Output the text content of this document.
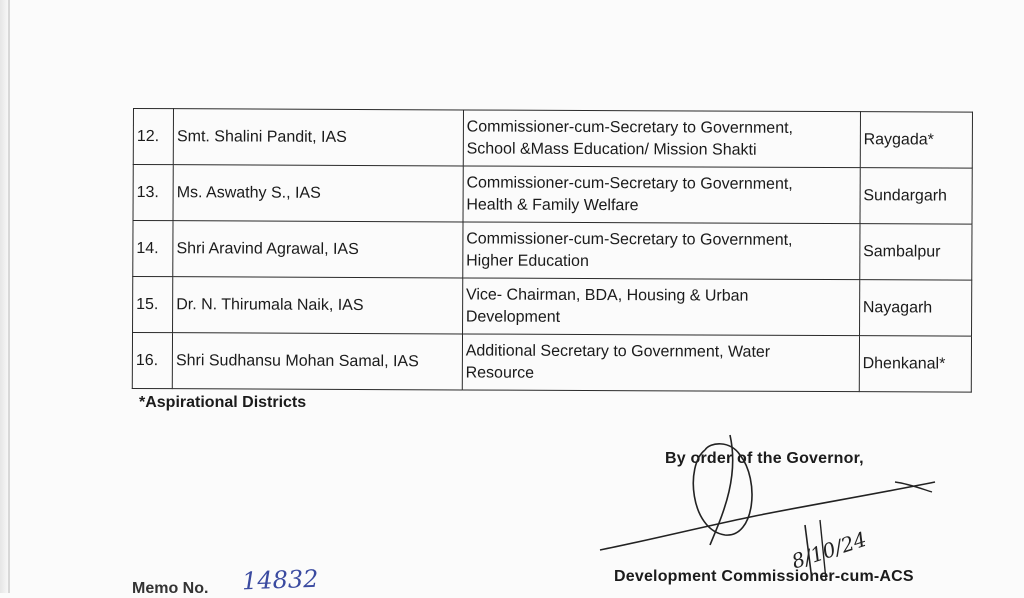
12.	Smt. Shalini Pandit, IAS	Commissioner-cum-Secretary to Government,
School &Mass Education/ Mission Shakti	Raygada*
13.	Ms. Aswathy S., IAS	Commissioner-cum-Secretary to Government,
Health & Family Welfare	Sundargarh
14.	Shri Aravind Agrawal, IAS	Commissioner-cum-Secretary to Government,
Higher Education	Sambalpur
15.	Dr. N. Thirumala Naik, IAS	Vice- Chairman, BDA, Housing & Urban
Development	Nayagarh
16.	Shri Sudhansu Mohan Samal, IAS	Additional Secretary to Government, Water
Resource	Dhenkanal*
*Aspirational Districts
By order of the Governor,
8/10/24
Development Commissioner-cum-ACS
Memo No. 14832
